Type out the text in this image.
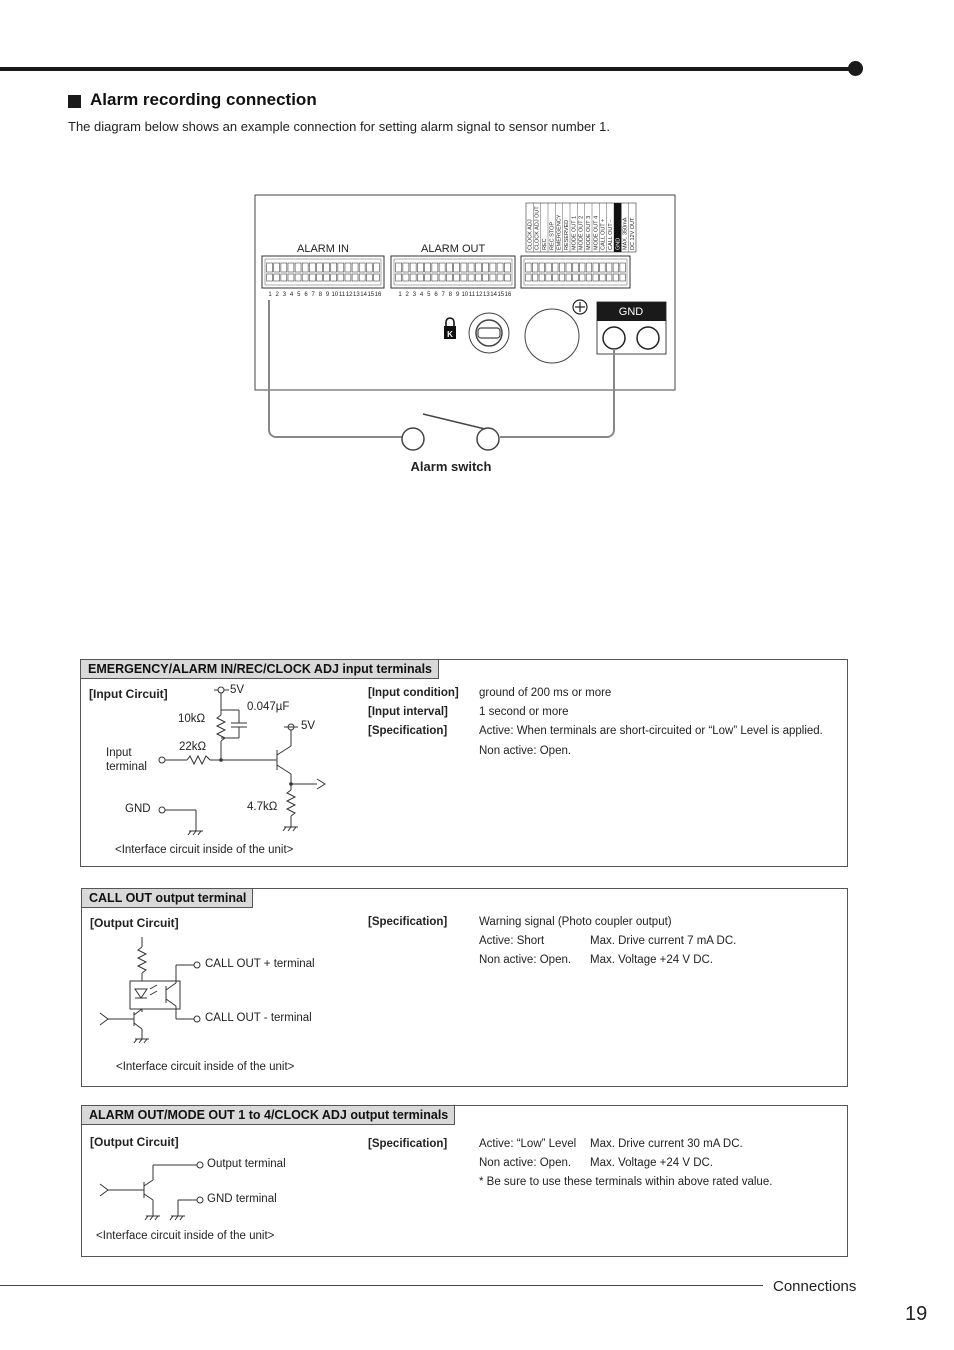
Alarm recording connection
The diagram below shows an example connection for setting alarm signal to sensor number 1.
ALARM IN	ALARM OUT
1 2 3 4 5 6 7 8 9 10 11 12 13 14 15 16	1 2 3 4 5 6 7 8 9 10 11 12 13 14 15 16
CLOCK ADJ CLOCK ADJ OUT REC REC STOP EMERGENCY RESERVED MODE OUT 1 MODE OUT 2 MODE OUT 3 MODE OUT 4 CALL OUT + CALL OUT - GND MAX. 350mA DC 12V OUT
K
GND
Alarm switch
EMERGENCY/ALARM IN/REC/CLOCK ADJ input terminals
[Input Circuit]	5V
0.047µF
10kΩ
5V
22kΩ
Input
terminal
GND	4.7kΩ
<Interface circuit inside of the unit>
[Input condition] ground of 200 ms or more
[Input interval]	1 second or more
[Specification]	Active: When terminals are short-circuited or “Low” Level is applied.
Non active: Open.
CALL OUT output terminal
[Output Circuit]
CALL OUT + terminal
CALL OUT - terminal
<Interface circuit inside of the unit>
[Specification]	Warning signal (Photo coupler output)
Active: Short	Max. Drive current 7 mA DC.
Non active: Open. Max. Voltage +24 V DC.
ALARM OUT/MODE OUT 1 to 4/CLOCK ADJ output terminals
[Output Circuit]
Output terminal
GND terminal
<Interface circuit inside of the unit>
[Specification]	Active: “Low” Level Max. Drive current 30 mA DC.
Non active: Open. Max. Voltage +24 V DC.
* Be sure to use these terminals within above rated value.
Connections
19
